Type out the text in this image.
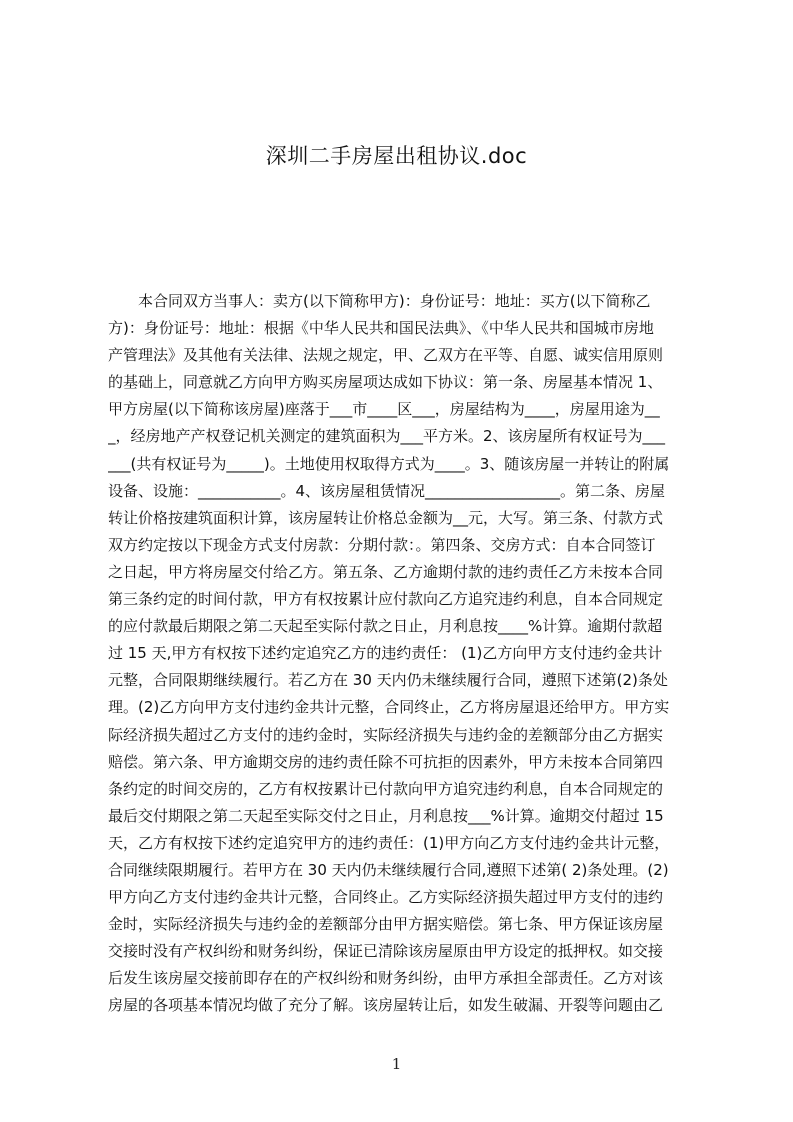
深圳二手房屋出租协议.doc
　　本合同双方当事人：卖方(以下简称甲方)：身份证号：地址：买方(以下简称乙
方)：身份证号：地址：根据《中华人民共和国民法典》、《中华人民共和国城市房地
产管理法》及其他有关法律、法规之规定，甲、乙双方在平等、自愿、诚实信用原则
的基础上，同意就乙方向甲方购买房屋项达成如下协议：第一条、房屋基本情况 1、
甲方房屋(以下简称该房屋)座落于___市____区___，房屋结构为____，房屋用途为__
_，经房地产产权登记机关测定的建筑面积为___平方米。2、该房屋所有权证号为___
___(共有权证号为_____)。土地使用权取得方式为____。3、随该房屋一并转让的附属
设备、设施：___________。4、该房屋租赁情况__________________。第二条、房屋
转让价格按建筑面积计算，该房屋转让价格总金额为__元，大写。第三条、付款方式
双方约定按以下现金方式支付房款：分期付款：。第四条、交房方式：自本合同签订
之日起，甲方将房屋交付给乙方。第五条、乙方逾期付款的违约责任乙方未按本合同
第三条约定的时间付款，甲方有权按累计应付款向乙方追究违约利息，自本合同规定
的应付款最后期限之第二天起至实际付款之日止，月利息按____%计算。逾期付款超
过 15 天,甲方有权按下述约定追究乙方的违约责任： (1)乙方向甲方支付违约金共计
元整，合同限期继续履行。若乙方在 30 天内仍未继续履行合同，遵照下述第(2)条处
理。(2)乙方向甲方支付违约金共计元整，合同终止，乙方将房屋退还给甲方。甲方实
际经济损失超过乙方支付的违约金时，实际经济损失与违约金的差额部分由乙方据实
赔偿。第六条、甲方逾期交房的违约责任除不可抗拒的因素外，甲方未按本合同第四
条约定的时间交房的，乙方有权按累计已付款向甲方追究违约利息，自本合同规定的
最后交付期限之第二天起至实际交付之日止，月利息按___%计算。逾期交付超过 15
天，乙方有权按下述约定追究甲方的违约责任：(1)甲方向乙方支付违约金共计元整，
合同继续限期履行。若甲方在 30 天内仍未继续履行合同,遵照下述第( 2)条处理。(2)
甲方向乙方支付违约金共计元整，合同终止。乙方实际经济损失超过甲方支付的违约
金时，实际经济损失与违约金的差额部分由甲方据实赔偿。第七条、甲方保证该房屋
交接时没有产权纠纷和财务纠纷，保证已清除该房屋原由甲方设定的抵押权。如交接
后发生该房屋交接前即存在的产权纠纷和财务纠纷，由甲方承担全部责任。乙方对该
房屋的各项基本情况均做了充分了解。该房屋转让后，如发生破漏、开裂等问题由乙
1
